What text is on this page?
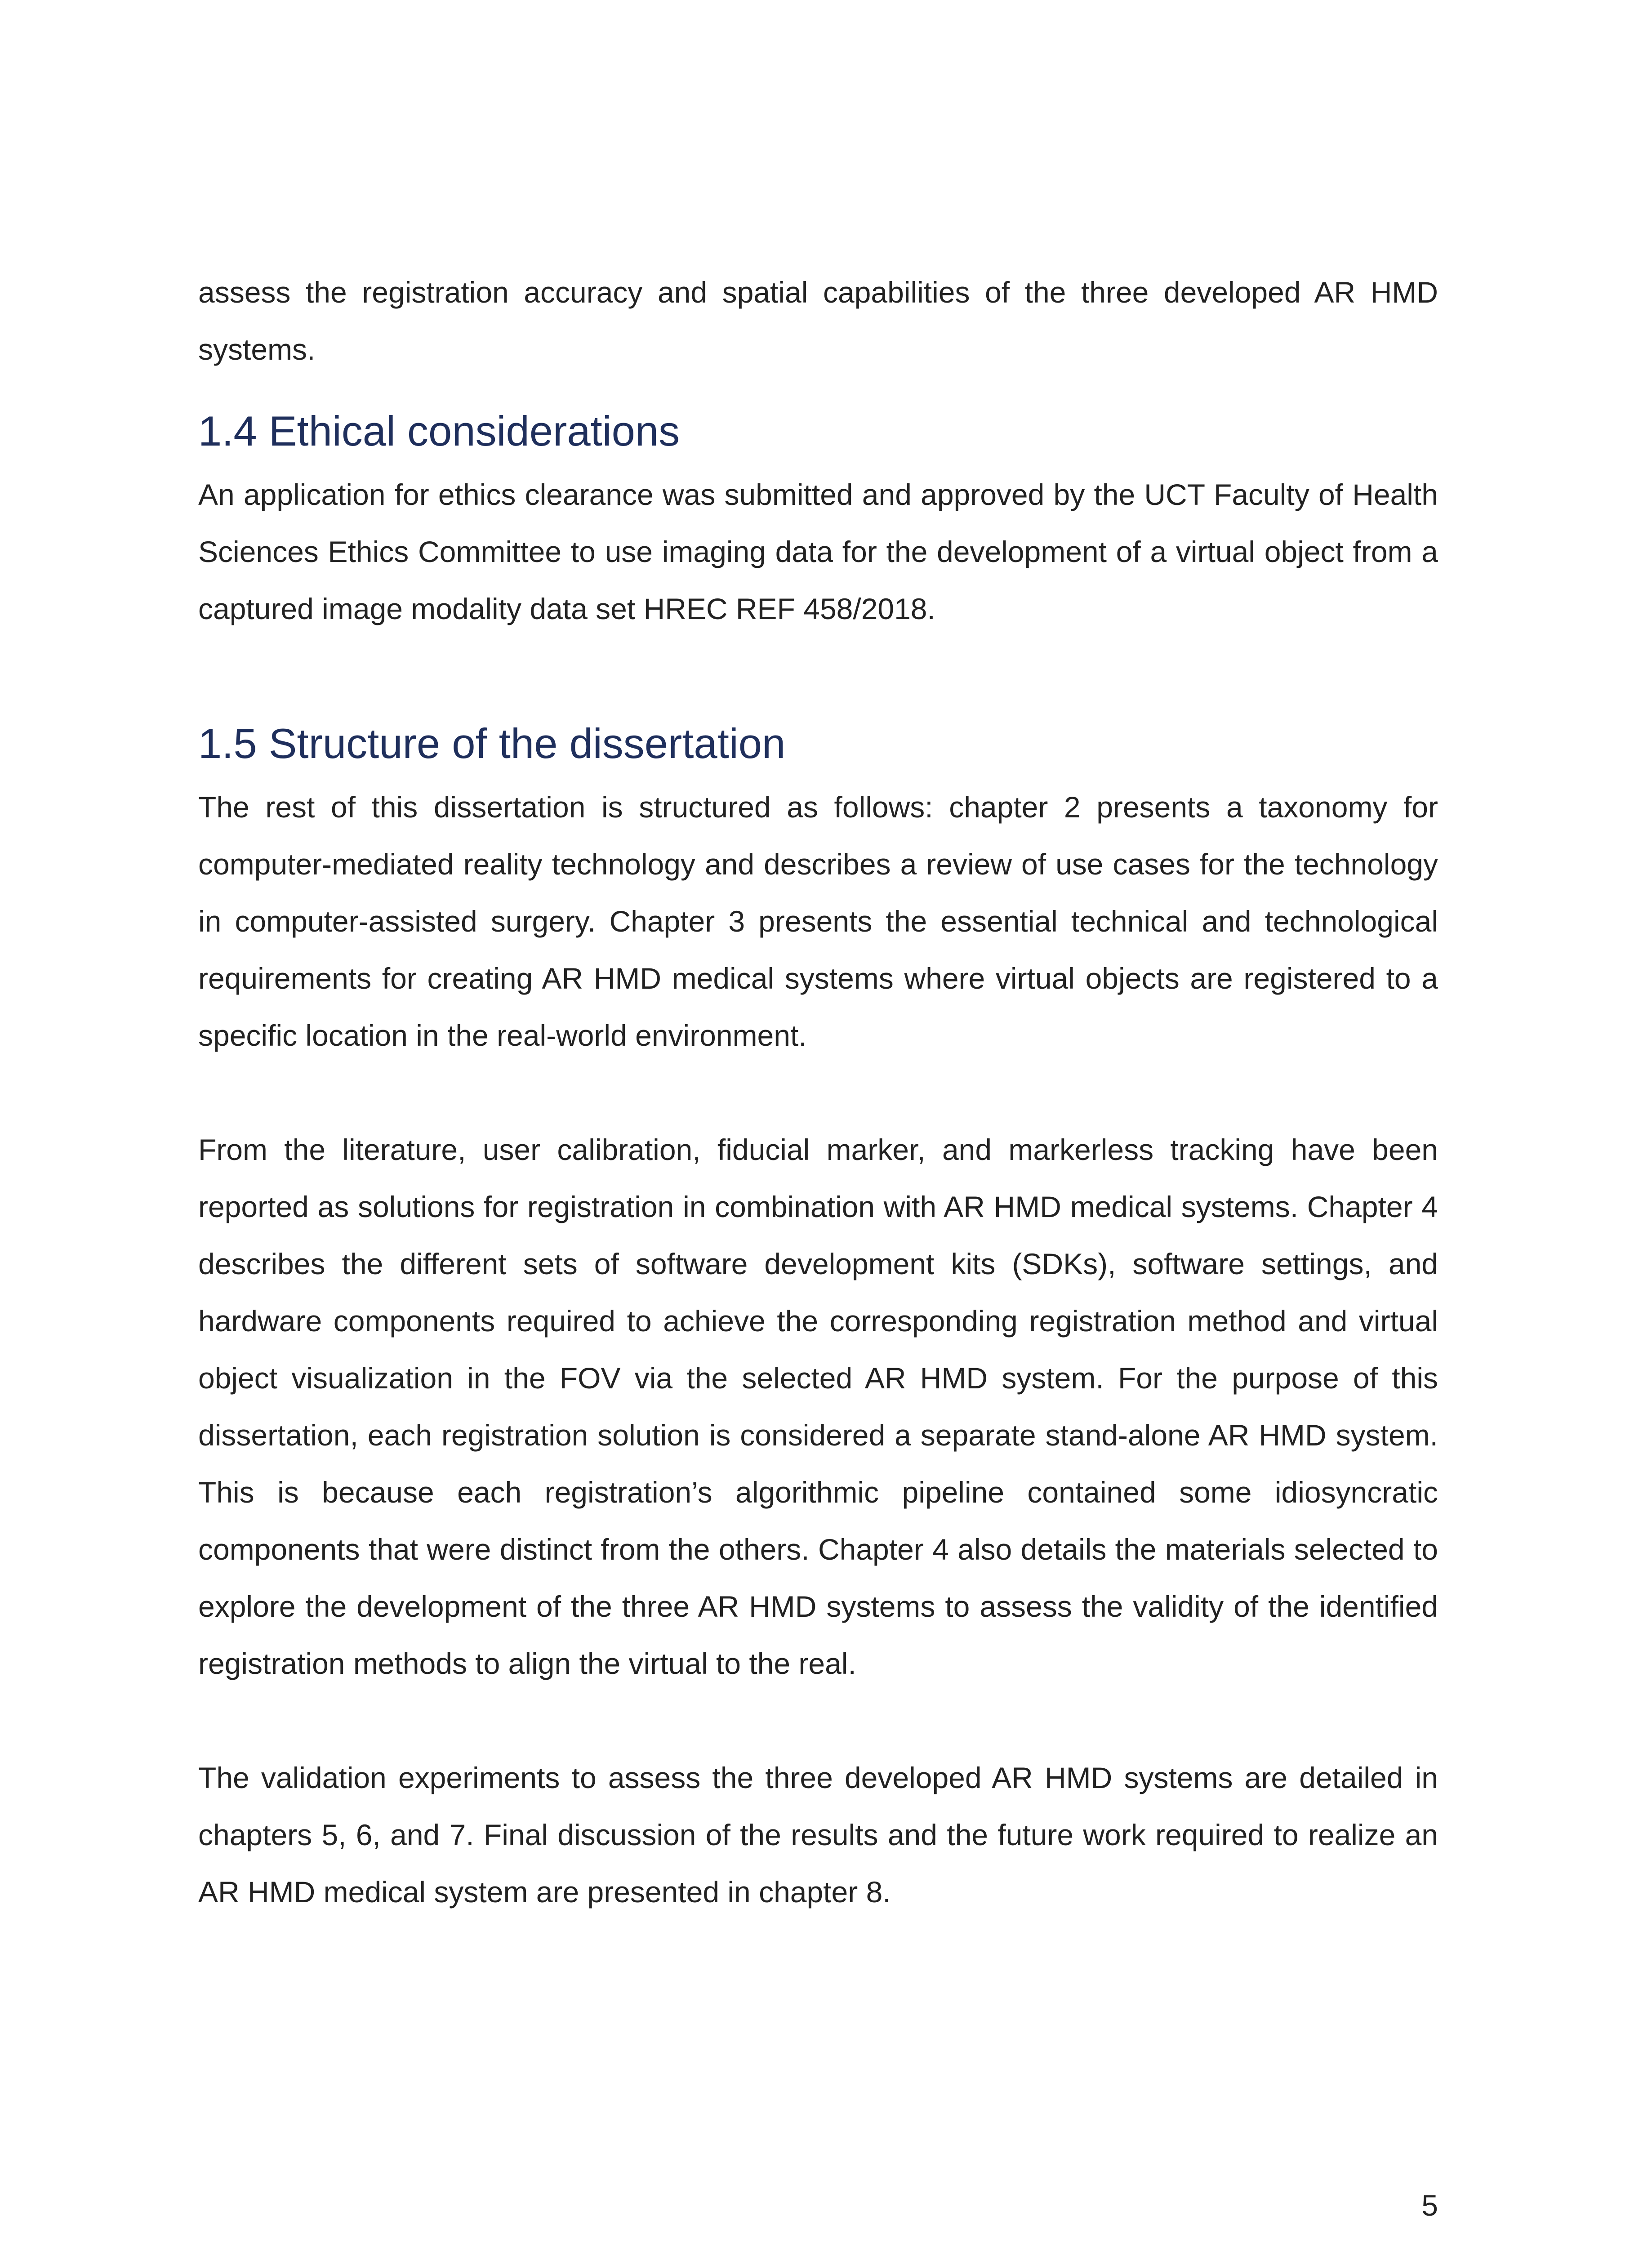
assess the registration accuracy and spatial capabilities of the three developed AR HMD systems.

1.4 Ethical considerations

An application for ethics clearance was submitted and approved by the UCT Faculty of Health Sciences Ethics Committee to use imaging data for the development of a virtual object from a captured image modality data set HREC REF 458/2018.

1.5 Structure of the dissertation

The rest of this dissertation is structured as follows: chapter 2 presents a taxonomy for computer-mediated reality technology and describes a review of use cases for the technology in computer-assisted surgery. Chapter 3 presents the essential technical and technological requirements for creating AR HMD medical systems where virtual objects are registered to a specific location in the real-world environment.

From the literature, user calibration, fiducial marker, and markerless tracking have been reported as solutions for registration in combination with AR HMD medical systems. Chapter 4 describes the different sets of software development kits (SDKs), software settings, and hardware components required to achieve the corresponding registration method and virtual object visualization in the FOV via the selected AR HMD system. For the purpose of this dissertation, each registration solution is considered a separate stand-alone AR HMD system. This is because each registration’s algorithmic pipeline contained some idiosyncratic components that were distinct from the others. Chapter 4 also details the materials selected to explore the development of the three AR HMD systems to assess the validity of the identified registration methods to align the virtual to the real.

The validation experiments to assess the three developed AR HMD systems are detailed in chapters 5, 6, and 7. Final discussion of the results and the future work required to realize an AR HMD medical system are presented in chapter 8.

5
